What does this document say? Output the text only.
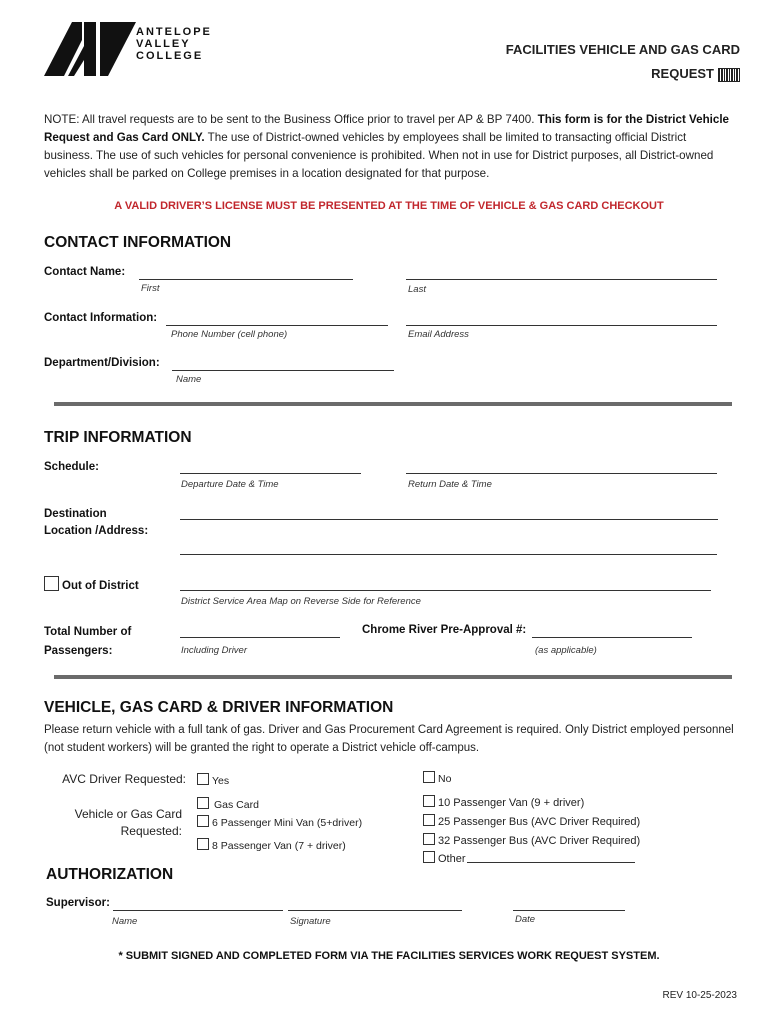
ANTELOPE
VALLEY
COLLEGE	FACILITIES VEHICLE AND GAS CARD
REQUEST
NOTE: All travel requests are to be sent to the Business Office prior to travel per AP & BP 7400. This form is for the District Vehicle Request and Gas Card ONLY. The use of District-owned vehicles by employees shall be limited to transacting official District business. The use of such vehicles for personal convenience is prohibited. When not in use for District purposes, all District-owned vehicles shall be parked on College premises in a location designated for that purpose.
A VALID DRIVER’S LICENSE MUST BE PRESENTED AT THE TIME OF VEHICLE & GAS CARD CHECKOUT
CONTACT INFORMATION
Contact Name:
First	Last
Contact Information:
Phone Number (cell phone)	Email Address
Department/Division:
Name
TRIP INFORMATION
Schedule:
Departure Date & Time	Return Date & Time
Destination
Location /Address:
Out of District
District Service Area Map on Reverse Side for Reference
Total Number of
Passengers:	Including Driver
Chrome River Pre-Approval #:
(as applicable)
VEHICLE, GAS CARD & DRIVER INFORMATION
Please return vehicle with a full tank of gas. Driver and Gas Procurement Card Agreement is required. Only District employed personnel (not student workers) will be granted the right to operate a District vehicle off-campus.
AVC Driver Requested:	Yes	No
Vehicle or Gas Card
Requested:
Gas Card
6 Passenger Mini Van (5+driver)
8 Passenger Van (7 + driver)
10 Passenger Van (9 + driver)
25 Passenger Bus (AVC Driver Required)
32 Passenger Bus (AVC Driver Required)
Other
AUTHORIZATION
Supervisor:
Name	Signature	Date
* SUBMIT SIGNED AND COMPLETED FORM VIA THE FACILITIES SERVICES WORK REQUEST SYSTEM.
REV 10-25-2023
